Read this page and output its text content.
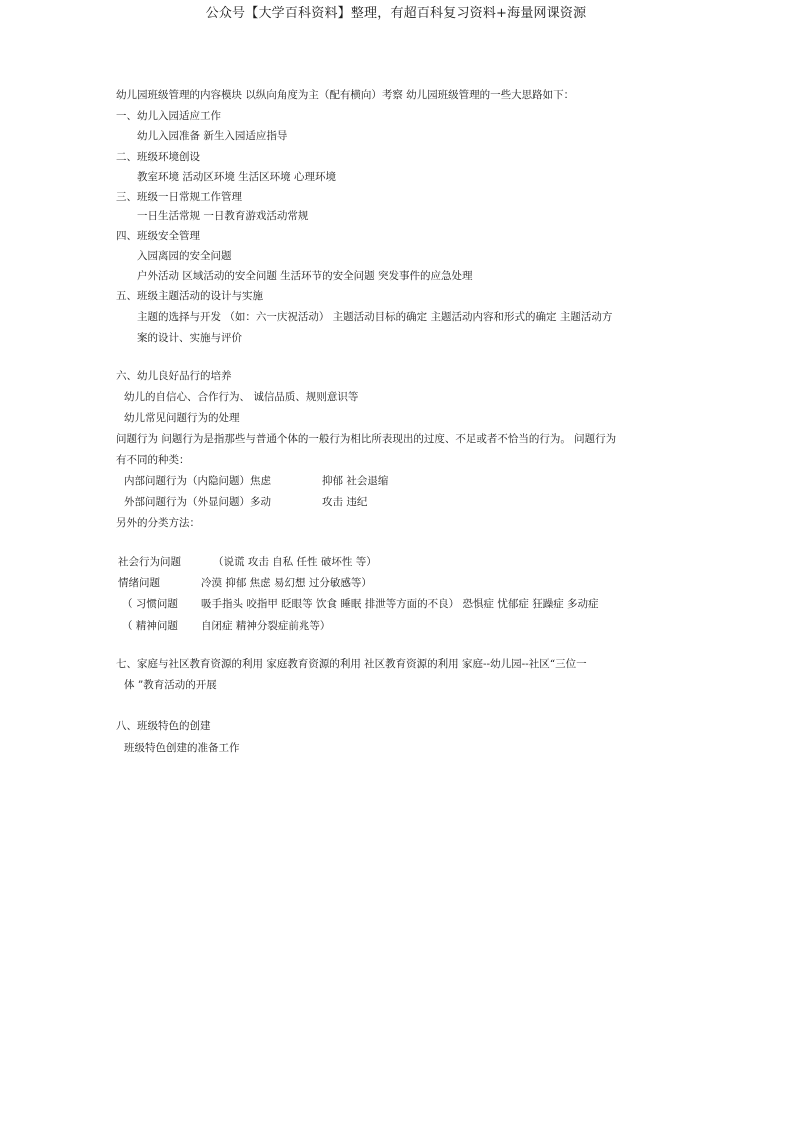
公众号【大学百科资料】整理，有超百科复习资料+海量网课资源
幼儿园班级管理的内容模块 以纵向角度为主（配有横向）考察 幼儿园班级管理的一些大思路如下：
一、幼儿入园适应工作
幼儿入园准备 新生入园适应指导
二、班级环境创设
教室环境 活动区环境 生活区环境 心理环境
三、班级一日常规工作管理
一日生活常规 一日教育游戏活动常规
四、班级安全管理
入园离园的安全问题
户外活动 区域活动的安全问题 生活环节的安全问题 突发事件的应急处理
五、班级主题活动的设计与实施
主题的选择与开发 （如：六一庆祝活动） 主题活动目标的确定 主题活动内容和形式的确定 主题活动方
案的设计、实施与评价
六、幼儿良好品行的培养
幼儿的自信心、合作行为、 诚信品质、规则意识等
幼儿常见问题行为的处理
问题行为 问题行为是指那些与普通个体的一般行为相比所表现出的过度、不足或者不恰当的行为。 问题行为
有不同的种类：
内部问题行为（内隐问题）焦虑	抑郁 社会退缩
外部问题行为（外显问题）多动	攻击 违纪
另外的分类方法：
社会行为问题	（说谎 攻击 自私 任性 破坏性 等）
情绪问题	冷漠 抑郁 焦虑 易幻想 过分敏感等）
（ 习惯问题 吸手指头 咬指甲 眨眼等 饮食 睡眠 排泄等方面的不良） 恐惧症 忧郁症 狂躁症 多动症
（ 精神问题 自闭症 精神分裂症前兆等）
七、家庭与社区教育资源的利用 家庭教育资源的利用 社区教育资源的利用 家庭--幼儿园--社区“三位一
体 ”教育活动的开展
八、班级特色的创建
班级特色创建的准备工作
